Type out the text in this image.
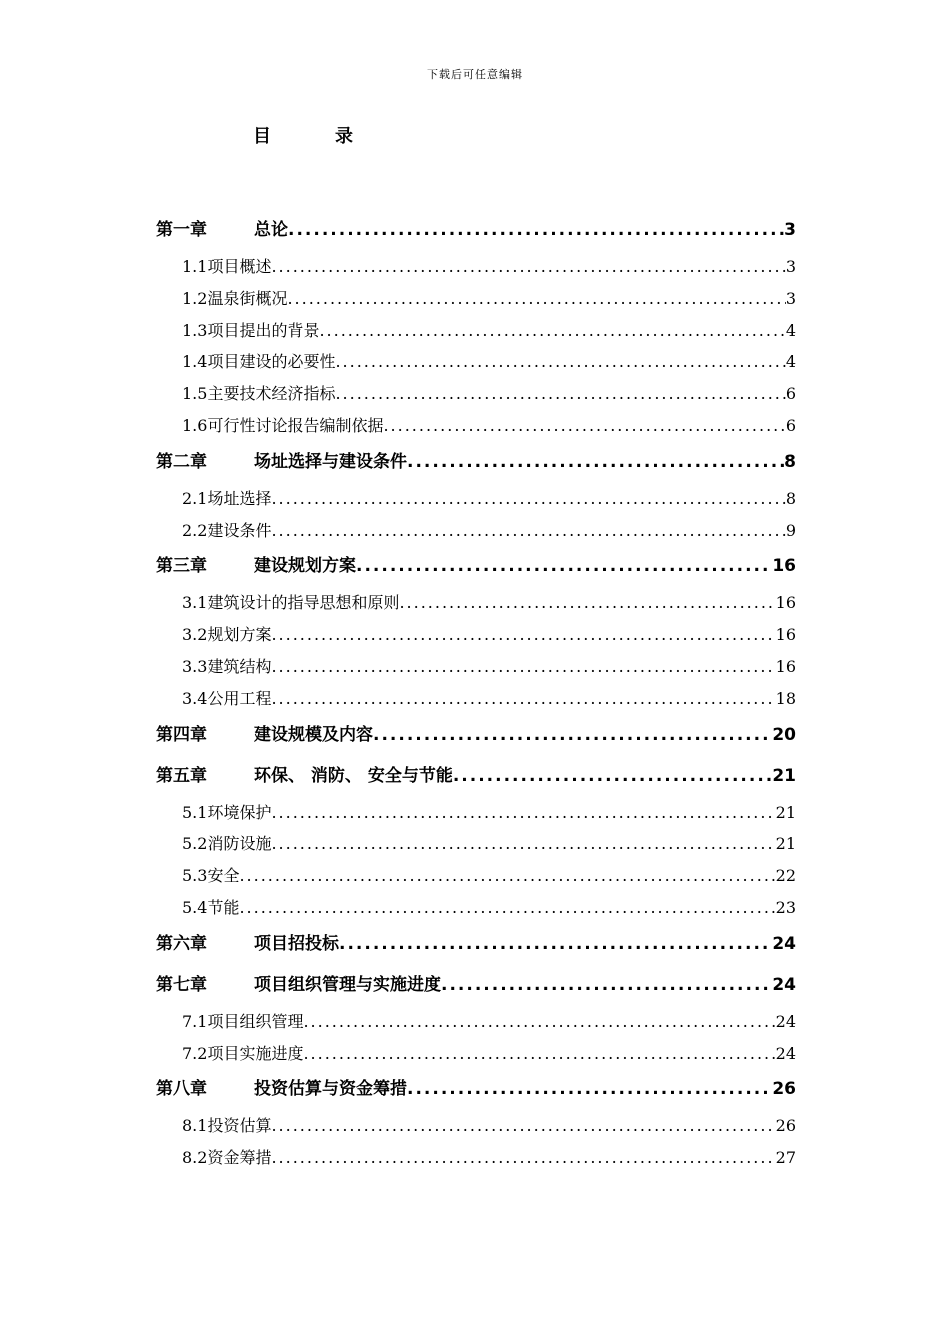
下载后可任意编辑
目	录
第一章	总论 .....	3
1.1项目概述 .....	3
1.2温泉街概况 .....	3
1.3项目提出的背景 .....	4
1.4项目建设的必要性 .....	4
1.5主要技术经济指标 .....	6
1.6可行性讨论报告编制依据 .....	6
第二章	场址选择与建设条件 .....	8
2.1场址选择 .....	8
2.2建设条件 .....	9
第三章	建设规划方案 .....	16
3.1建筑设计的指导思想和原则 .....	16
3.2规划方案 .....	16
3.3建筑结构 .....	16
3.4公用工程 .....	18
第四章	建设规模及内容 .....	20
第五章	环保、 消防、 安全与节能 .....	21
5.1环境保护 .....	21
5.2消防设施 .....	21
5.3安全 .....	22
5.4节能 .....	23
第六章	项目招投标 .....	24
第七章	项目组织管理与实施进度 .....	24
7.1项目组织管理 .....	24
7.2项目实施进度 .....	24
第八章	投资估算与资金筹措 .....	26
8.1投资估算 .....	26
8.2资金筹措 .....	27
